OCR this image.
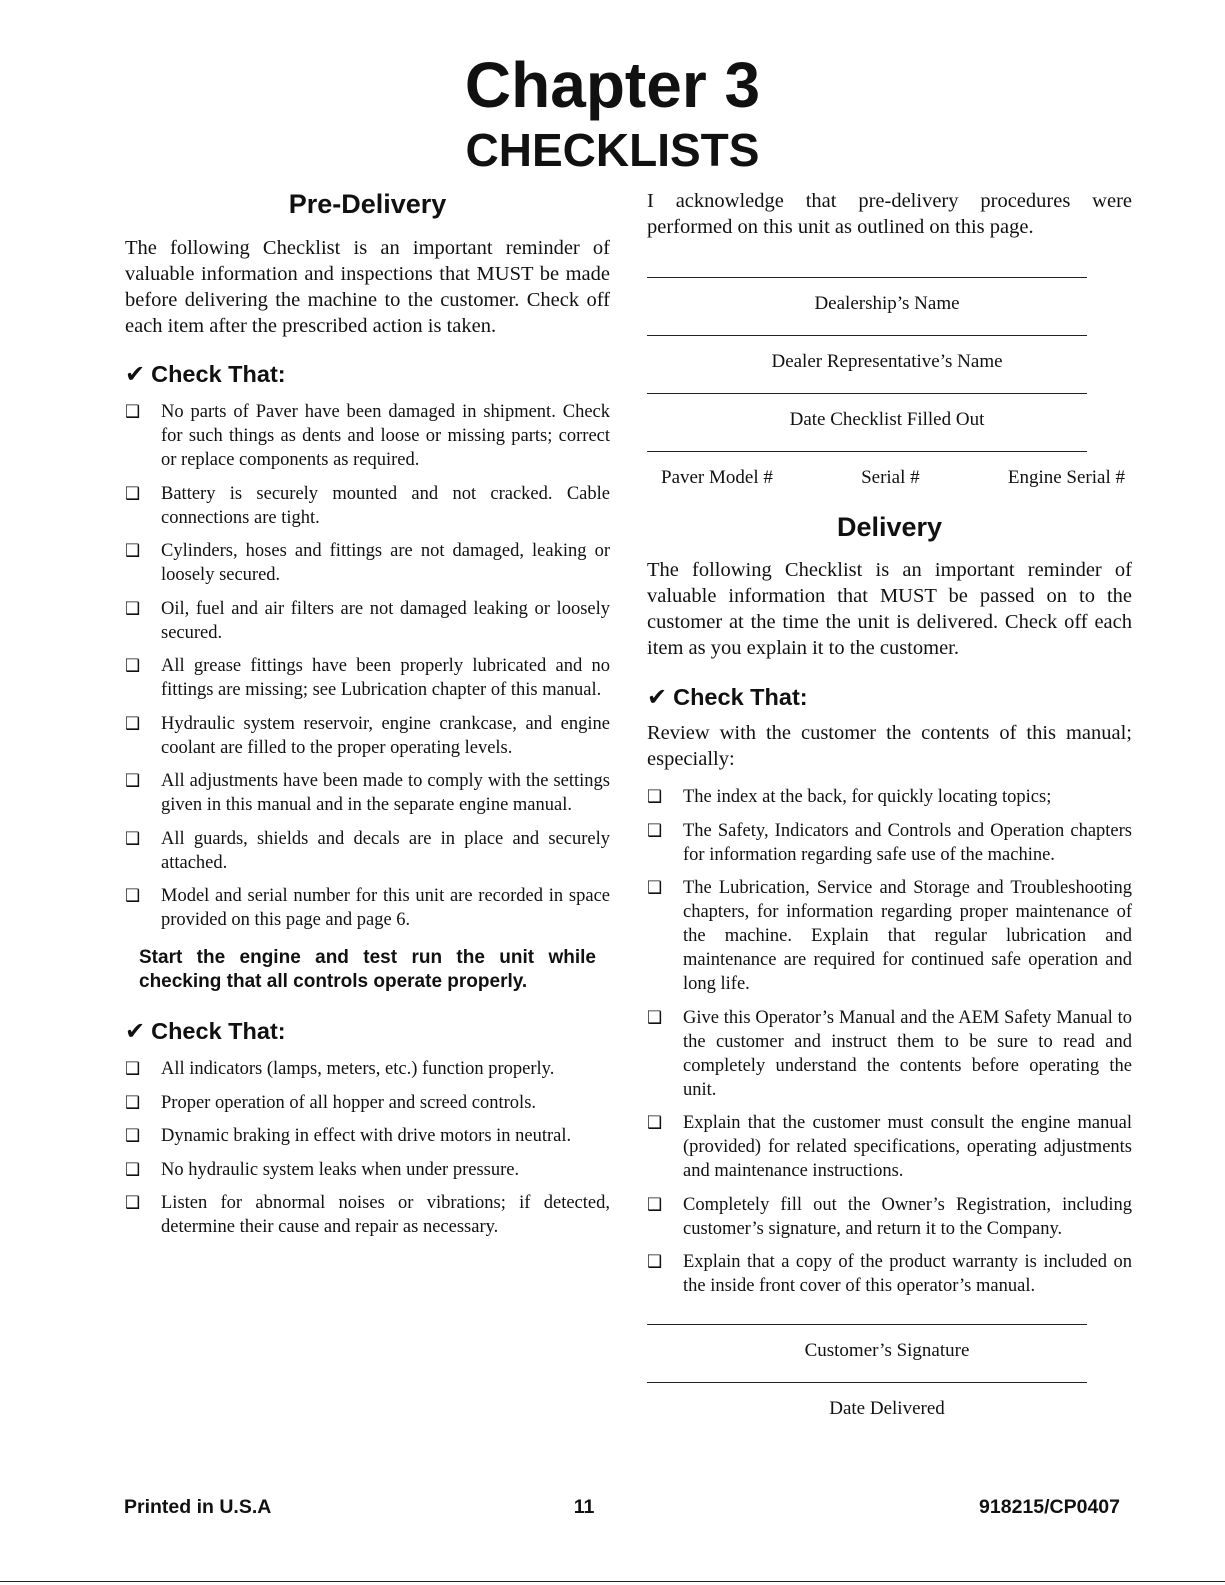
Chapter 3
CHECKLISTS
Pre-Delivery

The following Checklist is an important reminder of valuable information and inspections that MUST be made before delivering the machine to the customer. Check off each item after the prescribed action is taken.

✔ Check That:
❑	No parts of Paver have been damaged in shipment. Check for such things as dents and loose or missing parts; correct or replace components as required.
❑	Battery is securely mounted and not cracked. Cable connections are tight.
❑	Cylinders, hoses and fittings are not damaged, leaking or loosely secured.
❑	Oil, fuel and air filters are not damaged leaking or loosely secured.
❑	All grease fittings have been properly lubricated and no fittings are missing; see Lubrication chapter of this manual.
❑	Hydraulic system reservoir, engine crankcase, and engine coolant are filled to the proper operating levels.
❑	All adjustments have been made to comply with the settings given in this manual and in the separate engine manual.
❑	All guards, shields and decals are in place and securely attached.
❑	Model and serial number for this unit are recorded in space provided on this page and page 6.

Start the engine and test run the unit while checking that all controls operate properly.

✔ Check That:
❑	All indicators (lamps, meters, etc.) function properly.
❑	Proper operation of all hopper and screed controls.
❑	Dynamic braking in effect with drive motors in neutral.
❑	No hydraulic system leaks when under pressure.
❑	Listen for abnormal noises or vibrations; if detected, determine their cause and repair as necessary.

I acknowledge that pre-delivery procedures were performed on this unit as outlined on this page.

Dealership’s Name
Dealer Representative’s Name
Date Checklist Filled Out
Paver Model #	Serial #	Engine Serial #
Delivery

The following Checklist is an important reminder of valuable information that MUST be passed on to the customer at the time the unit is delivered. Check off each item as you explain it to the customer.

✔ Check That:

Review with the customer the contents of this manual; especially:

❑	The index at the back, for quickly locating topics;
❑	The Safety, Indicators and Controls and Operation chapters for information regarding safe use of the machine.
❑	The Lubrication, Service and Storage and Troubleshooting chapters, for information regarding proper maintenance of the machine. Explain that regular lubrication and maintenance are required for continued safe operation and long life.
❑	Give this Operator’s Manual and the AEM Safety Manual to the customer and instruct them to be sure to read and completely understand the contents before operating the unit.
❑	Explain that the customer must consult the engine manual (provided) for related specifications, operating adjustments and maintenance instructions.
❑	Completely fill out the Owner’s Registration, including customer’s signature, and return it to the Company.
❑	Explain that a copy of the product warranty is included on the inside front cover of this operator’s manual.
Customer’s Signature
Date Delivered
Printed in U.S.A	11	918215/CP0407
